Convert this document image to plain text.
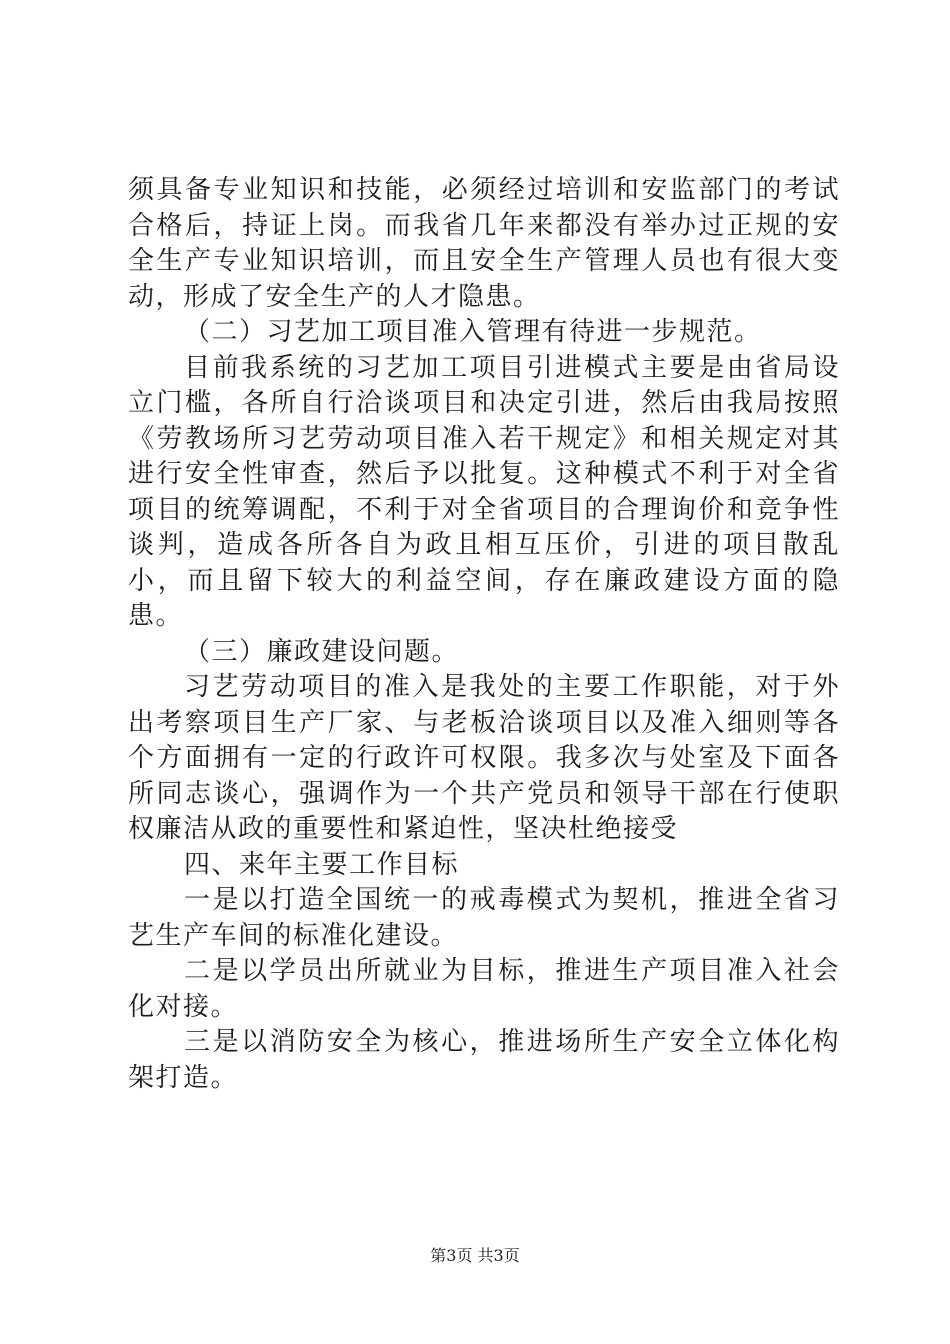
须具备专业知识和技能，必须经过培训和安监部门的考试合格后，持证上岗。而我省几年来都没有举办过正规的安全生产专业知识培训，而且安全生产管理人员也有很大变动，形成了安全生产的人才隐患。

（二）习艺加工项目准入管理有待进一步规范。

目前我系统的习艺加工项目引进模式主要是由省局设立门槛，各所自行洽谈项目和决定引进，然后由我局按照《劳教场所习艺劳动项目准入若干规定》和相关规定对其进行安全性审查，然后予以批复。这种模式不利于对全省项目的统筹调配，不利于对全省项目的合理询价和竞争性谈判，造成各所各自为政且相互压价，引进的项目散乱小，而且留下较大的利益空间，存在廉政建设方面的隐患。

（三）廉政建设问题。

习艺劳动项目的准入是我处的主要工作职能，对于外出考察项目生产厂家、与老板洽谈项目以及准入细则等各个方面拥有一定的行政许可权限。我多次与处室及下面各所同志谈心，强调作为一个共产党员和领导干部在行使职权廉洁从政的重要性和紧迫性，坚决杜绝接受

四、来年主要工作目标

一是以打造全国统一的戒毒模式为契机，推进全省习艺生产车间的标准化建设。

二是以学员出所就业为目标，推进生产项目准入社会化对接。

三是以消防安全为核心，推进场所生产安全立体化构架打造。

第3页 共3页
